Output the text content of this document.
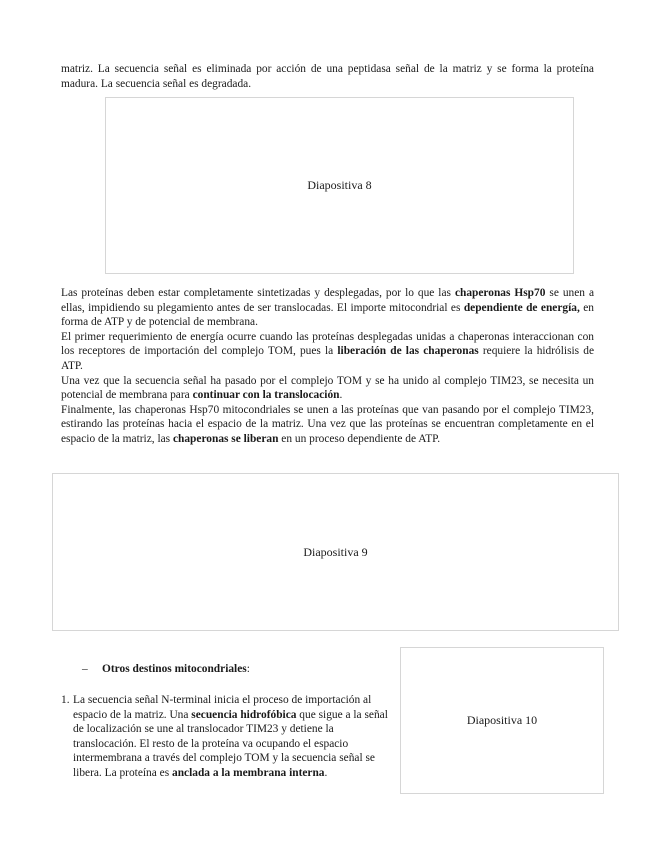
matriz. La secuencia señal es eliminada por acción de una peptidasa señal de la matriz y se forma la proteína madura. La secuencia señal es degradada.

Diapositiva 8

Las proteínas deben estar completamente sintetizadas y desplegadas, por lo que las chaperonas Hsp70 se unen a ellas, impidiendo su plegamiento antes de ser translocadas. El importe mitocondrial es dependiente de energía, en forma de ATP y de potencial de membrana.

El primer requerimiento de energía ocurre cuando las proteínas desplegadas unidas a chaperonas interaccionan con los receptores de importación del complejo TOM, pues la liberación de las chaperonas requiere la hidrólisis de ATP.

Una vez que la secuencia señal ha pasado por el complejo TOM y se ha unido al complejo TIM23, se necesita un potencial de membrana para continuar con la translocación.

Finalmente, las chaperonas Hsp70 mitocondriales se unen a las proteínas que van pasando por el complejo TIM23, estirando las proteínas hacia el espacio de la matriz. Una vez que las proteínas se encuentran completamente en el espacio de la matriz, las chaperonas se liberan en un proceso dependiente de ATP.

Diapositiva 9
– Otros destinos mitocondriales:
1. La secuencia señal N-terminal inicia el proceso de importación al espacio de la matriz. Una secuencia hidrofóbica que sigue a la señal de localización se une al translocador TIM23 y detiene la translocación. El resto de la proteína va ocupando el espacio intermembrana a través del complejo TOM y la secuencia señal se libera. La proteína es anclada a la membrana interna.

Diapositiva 10
